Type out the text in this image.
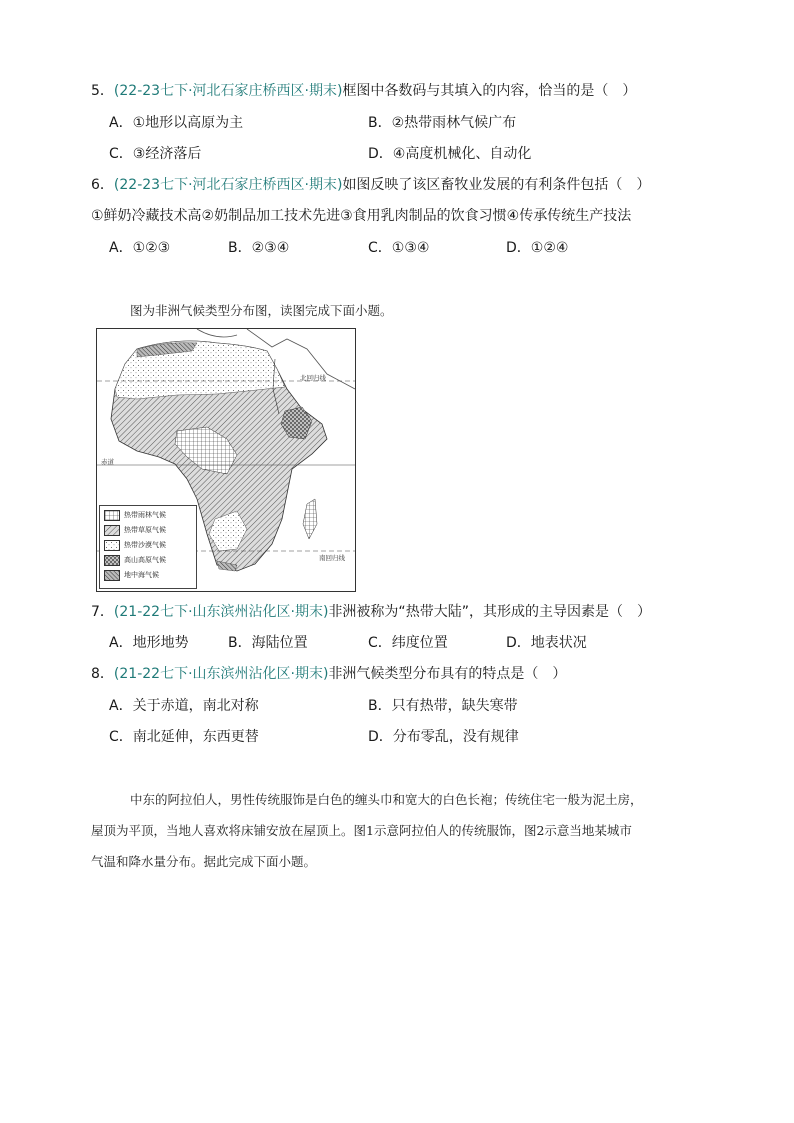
5．(22-23七下·河北石家庄桥西区·期末)框图中各数码与其填入的内容，恰当的是（　）
A．①地形以高原为主	B．②热带雨林气候广布
C．③经济落后	D．④高度机械化、自动化
6．(22-23七下·河北石家庄桥西区·期末)如图反映了该区畜牧业发展的有利条件包括（　）
①鲜奶冷藏技术高②奶制品加工技术先进③食用乳肉制品的饮食习惯④传承传统生产技法
A．①②③	B．②③④	C．①③④	D．①②④
图为非洲气候类型分布图，读图完成下面小题。
北回归线
赤道
南回归线
热带雨林气候
热带草原气候
热带沙漠气候
高山高原气候
地中海气候
7．(21-22七下·山东滨州沾化区·期末)非洲被称为“热带大陆”，其形成的主导因素是（　）
A．地形地势	B．海陆位置	C．纬度位置	D．地表状况
8．(21-22七下·山东滨州沾化区·期末)非洲气候类型分布具有的特点是（　）
A．关于赤道，南北对称	B．只有热带，缺失寒带
C．南北延伸，东西更替	D．分布零乱，没有规律
中东的阿拉伯人，男性传统服饰是白色的缠头巾和宽大的白色长袍；传统住宅一般为泥土房，
屋顶为平顶，当地人喜欢将床铺安放在屋顶上。图1示意阿拉伯人的传统服饰，图2示意当地某城市
气温和降水量分布。据此完成下面小题。
